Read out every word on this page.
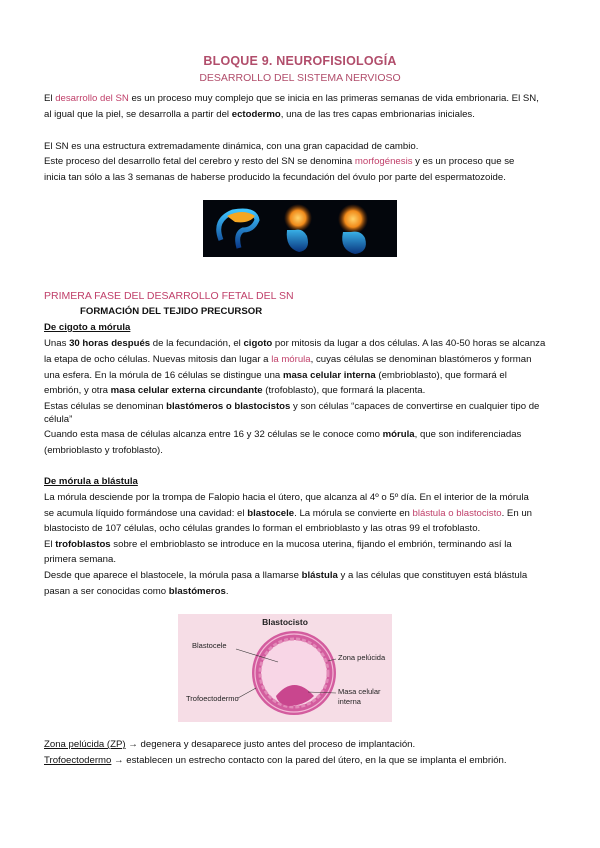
BLOQUE 9. NEUROFISIOLOGÍA
DESARROLLO DEL SISTEMA NERVIOSO
El desarrollo del SN es un proceso muy complejo que se inicia en las primeras semanas de vida embrionaria. El SN,
al igual que la piel, se desarrolla a partir del ectodermo, una de las tres capas embrionarias iniciales.
El SN es una estructura extremadamente dinámica, con una gran capacidad de cambio.
Este proceso del desarrollo fetal del cerebro y resto del SN se denomina morfogénesis y es un proceso que se
inicia tan sólo a las 3 semanas de haberse producido la fecundación del óvulo por parte del espermatozoide.
PRIMERA FASE DEL DESARROLLO FETAL DEL SN
FORMACIÓN DEL TEJIDO PRECURSOR
De cigoto a mórula
Unas 30 horas después de la fecundación, el cigoto por mitosis da lugar a dos células. A las 40-50 horas se alcanza
la etapa de ocho células. Nuevas mitosis dan lugar a la mórula, cuyas células se denominan blastómeros y forman
una esfera. En la mórula de 16 células se distingue una masa celular interna (embrioblasto), que formará el
embrión, y otra masa celular externa circundante (trofoblasto), que formará la placenta.
Estas células se denominan blastómeros o blastocistos y son células “capaces de convertirse en cualquier tipo de
célula”
Cuando esta masa de células alcanza entre 16 y 32 células se le conoce como mórula, que son indiferenciadas
(embrioblasto y trofoblasto).
De mórula a blástula
La mórula desciende por la trompa de Falopio hacia el útero, que alcanza al 4º o 5º día. En el interior de la mórula
se acumula líquido formándose una cavidad: el blastocele. La mórula se convierte en blástula o blastocisto. En un
blastocisto de 107 células, ocho células grandes lo forman el embrioblasto y las otras 99 el trofoblasto.
El trofoblastos sobre el embrioblasto se introduce en la mucosa uterina, fijando el embrión, terminando así la
primera semana.
Desde que aparece el blastocele, la mórula pasa a llamarse blástula y a las células que constituyen está blástula
pasan a ser conocidas como blastómeros.
Blastocisto
Blastocele
Zona pelúcida
Trofoectodermo
Masa celular
interna
Zona pelúcida (ZP) → degenera y desaparece justo antes del proceso de implantación.
Trofoectodermo → establecen un estrecho contacto con la pared del útero, en la que se implanta el embrión.
